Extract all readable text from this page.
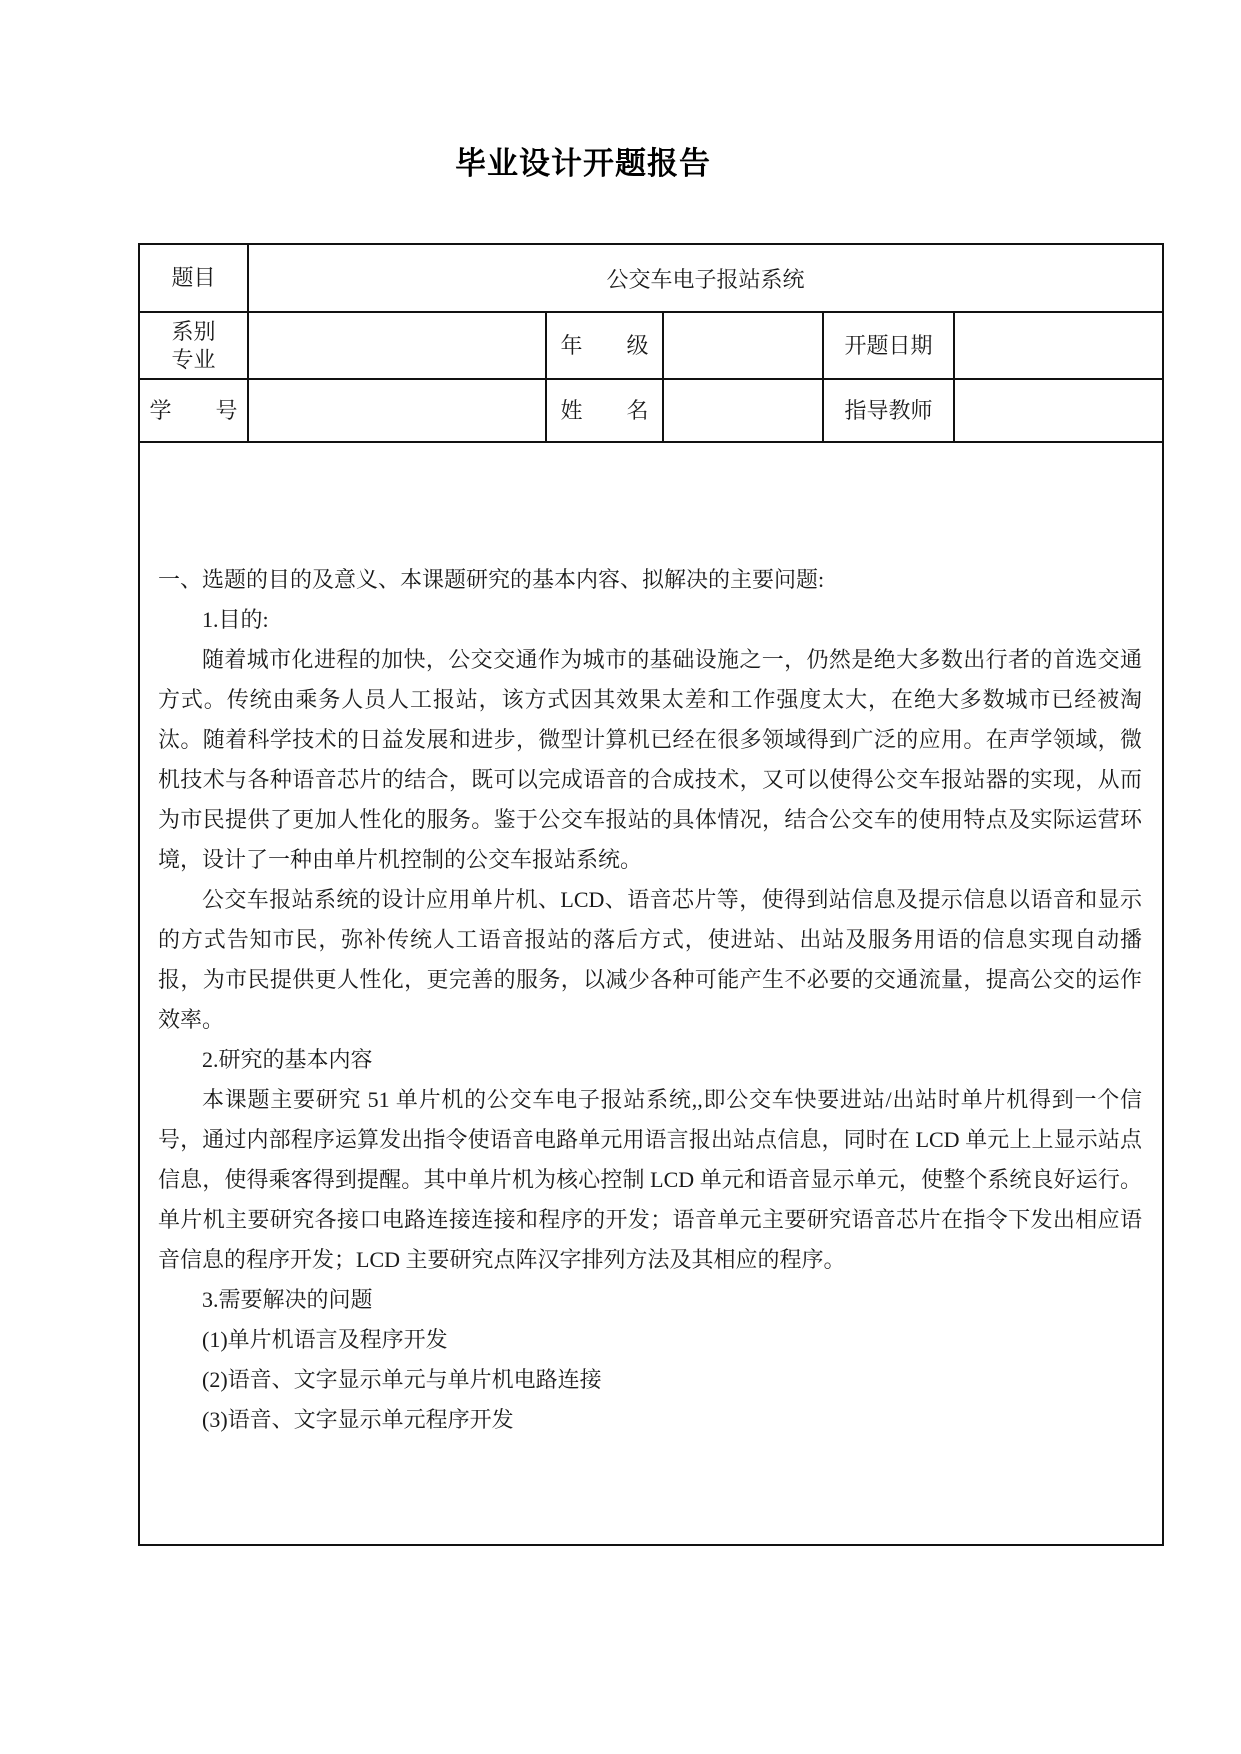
毕业设计开题报告
题目	公交车电子报站系统				

系别
专业		年　　级		开题日期	
学　　号		姓　　名		指导教师	

一、选题的目的及意义、本课题研究的基本内容、拟解决的主要问题:

1.目的:

随着城市化进程的加快，公交交通作为城市的基础设施之一，仍然是绝大多数出行者的首选交通方式。传统由乘务人员人工报站，该方式因其效果太差和工作强度太大，在绝大多数城市已经被淘汰。随着科学技术的日益发展和进步，微型计算机已经在很多领域得到广泛的应用。在声学领域，微机技术与各种语音芯片的结合，既可以完成语音的合成技术，又可以使得公交车报站器的实现，从而为市民提供了更加人性化的服务。鉴于公交车报站的具体情况，结合公交车的使用特点及实际运营环境，设计了一种由单片机控制的公交车报站系统。

公交车报站系统的设计应用单片机、LCD、语音芯片等，使得到站信息及提示信息以语音和显示的方式告知市民，弥补传统人工语音报站的落后方式，使进站、出站及服务用语的信息实现自动播报，为市民提供更人性化，更完善的服务，以减少各种可能产生不必要的交通流量，提高公交的运作效率。

2.研究的基本内容

本课题主要研究 51 单片机的公交车电子报站系统,,即公交车快要进站/出站时单片机得到一个信号，通过内部程序运算发出指令使语音电路单元用语言报出站点信息，同时在 LCD 单元上上显示站点信息，使得乘客得到提醒。其中单片机为核心控制 LCD 单元和语音显示单元，使整个系统良好运行。单片机主要研究各接口电路连接连接和程序的开发；语音单元主要研究语音芯片在指令下发出相应语音信息的程序开发；LCD 主要研究点阵汉字排列方法及其相应的程序。

3.需要解决的问题

(1)单片机语言及程序开发

(2)语音、文字显示单元与单片机电路连接

(3)语音、文字显示单元程序开发
